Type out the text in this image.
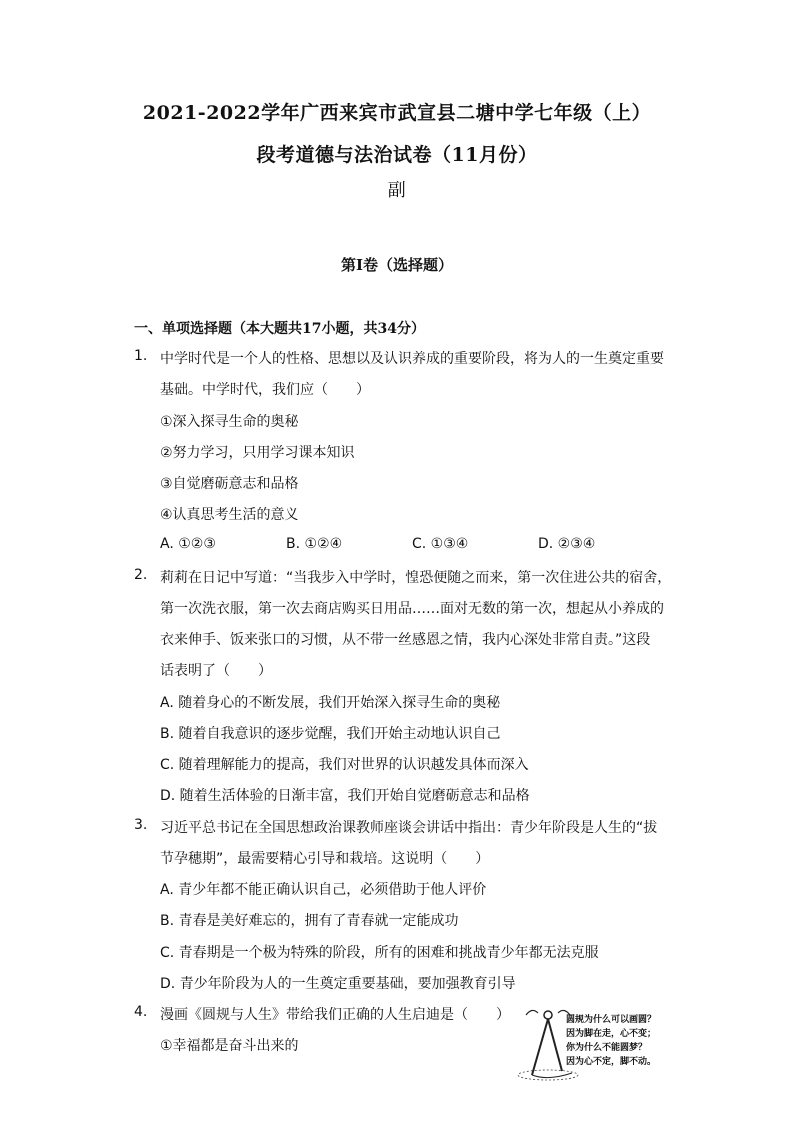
2021-2022学年广西来宾市武宣县二塘中学七年级（上）
段考道德与法治试卷（11月份）
副
第I卷（选择题）
一、单项选择题（本大题共17小题，共34分）
1. 中学时代是一个人的性格、思想以及认识养成的重要阶段，将为人的一生奠定重要
基础。中学时代，我们应（　　）
①深入探寻生命的奥秘
②努力学习，只用学习课本知识
③自觉磨砺意志和品格
④认真思考生活的意义
A. ①②③	B. ①②④	C. ①③④	D. ②③④
2. 莉莉在日记中写道：“当我步入中学时，惶恐便随之而来，第一次住进公共的宿舍，
第一次洗衣服，第一次去商店购买日用品……面对无数的第一次，想起从小养成的
衣来伸手、饭来张口的习惯，从不带一丝感恩之情，我内心深处非常自责。”这段
话表明了（　　）
A. 随着身心的不断发展，我们开始深入探寻生命的奥秘
B. 随着自我意识的逐步觉醒，我们开始主动地认识自己
C. 随着理解能力的提高，我们对世界的认识越发具体而深入
D. 随着生活体验的日渐丰富，我们开始自觉磨砺意志和品格
3. 习近平总书记在全国思想政治课教师座谈会讲话中指出：青少年阶段是人生的“拔
节孕穗期”，最需要精心引导和栽培。这说明（　　）
A. 青少年都不能正确认识自己，必须借助于他人评价
B. 青春是美好难忘的，拥有了青春就一定能成功
C. 青春期是一个极为特殊的阶段，所有的困难和挑战青少年都无法克服
D. 青少年阶段为人的一生奠定重要基础，要加强教育引导
4. 漫画《圆规与人生》带给我们正确的人生启迪是（　　）
①幸福都是奋斗出来的
圆规为什么可以画圆？
因为脚在走，心不变；
你为什么不能圆梦？
因为心不定，脚不动。
